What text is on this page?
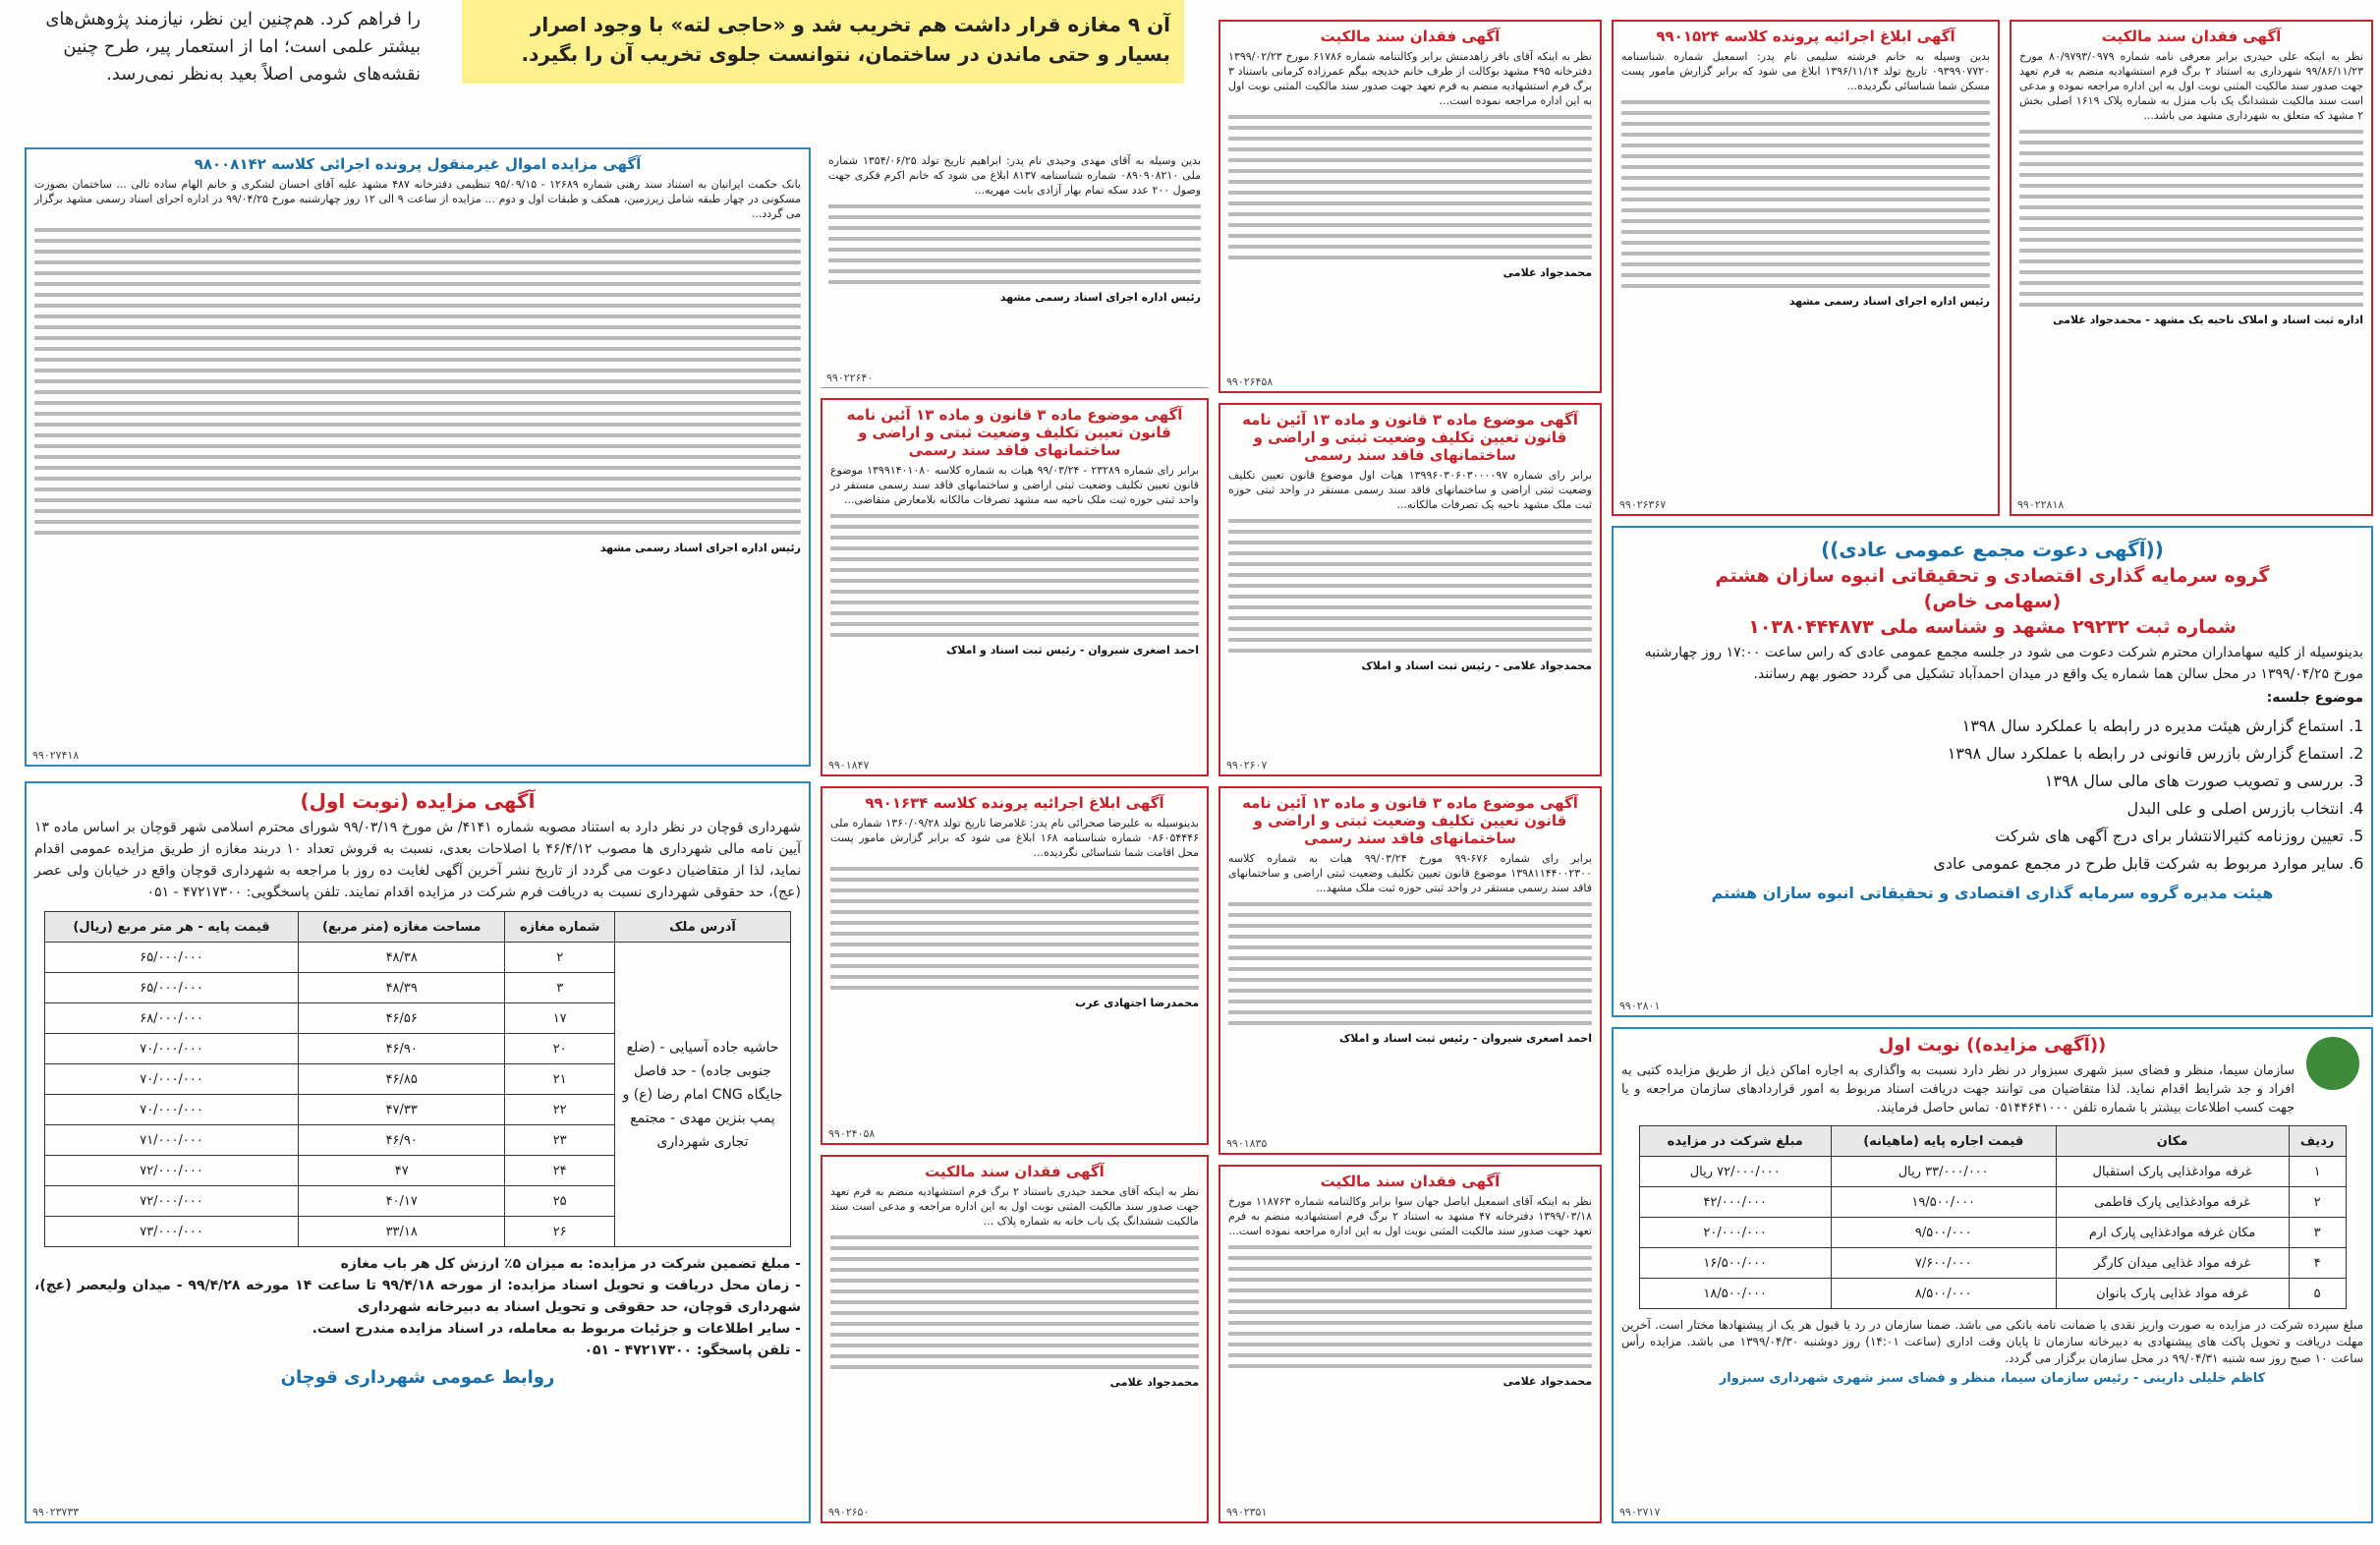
را فراهم کرد. هم‌چنین این نظر، نیازمند پژوهش‌های بیشتر علمی است؛ اما از استعمار پیر، طرح چنین نقشه‌های شومی اصلاً بعید به‌نظر نمی‌رسد.
آن ۹ مغازه قرار داشت هم تخریب شد و «حاجی لته» با وجود اصرار بسیار و حتی ماندن در ساختمان، نتوانست جلوی تخریب آن را بگیرد.
آگهی فقدان سند مالکیت
نظر به اینکه علی حیدری برابر معرفی نامه شماره ۸۰/۹۷۹۳/۰۹۷۹ مورخ ۹۹/۸۶/۱۱/۲۳ شهرداری به استناد ۲ برگ فرم استشهادیه منضم به فرم تعهد جهت صدور سند مالکیت المثنی نوبت اول به این اداره مراجعه نموده و مدعی است سند مالکیت ششدانگ یک باب منزل به شماره پلاک ۱۶۱۹ اصلی بخش ۲ مشهد که متعلق به شهرداری مشهد می باشد...
اداره ثبت اسناد و املاک ناحیه یک مشهد - محمدجواد غلامی
۹۹۰۲۲۸۱۸
آگهی ابلاغ اجرائیه پرونده کلاسه ۹۹۰۱۵۲۴
بدین وسیله به خانم فرشته سلیمی نام پدر: اسمعیل شماره شناسنامه ۰۹۳۹۹۰۷۷۲۰ تاریخ تولد ۱۳۹۶/۱۱/۱۴ ابلاغ می شود که برابر گزارش مامور پست مسکن شما شناسائی نگردیده...
رئیس اداره اجرای اسناد رسمی مشهد
۹۹۰۲۶۳۶۷
((آگهی دعوت مجمع عمومی عادی))
گروه سرمایه گذاری اقتصادی و تحقیقاتی انبوه سازان هشتم
(سهامی خاص)
شماره ثبت ۲۹۲۳۲ مشهد و شناسه ملی ۱۰۳۸۰۴۴۴۸۷۳
بدینوسیله از کلیه سهامداران محترم شرکت دعوت می شود در جلسه مجمع عمومی عادی که راس ساعت ۱۷:۰۰ روز چهارشنبه مورخ ۱۳۹۹/۰۴/۲۵ در محل سالن هما شماره یک واقع در میدان احمدآباد تشکیل می گردد حضور بهم رسانند.
موضوع جلسه:
1. استماع گزارش هیئت مدیره در رابطه با عملکرد سال ۱۳۹۸
2. استماع گزارش بازرس قانونی در رابطه با عملکرد سال ۱۳۹۸
3. بررسی و تصویب صورت های مالی سال ۱۳۹۸
4. انتخاب بازرس اصلی و علی البدل
5. تعیین روزنامه کثیرالانتشار برای درج آگهی های شرکت
6. سایر موارد مربوط به شرکت قابل طرح در مجمع عمومی عادی
هیئت مدیره گروه سرمایه گذاری اقتصادی و تحقیقاتی انبوه سازان هشتم
۹۹۰۲۸۰۱
((آگهی مزایده)) نوبت اول
سازمان سیما، منظر و فضای سبز شهری سبزوار در نظر دارد نسبت به واگذاری به اجاره اماکن ذیل از طریق مزایده کتبی به افراد و جد شرایط اقدام نماید. لذا متقاضیان می توانند جهت دریافت اسناد مربوط به امور قراردادهای سازمان مراجعه و یا جهت کسب اطلاعات بیشتر با شماره تلفن ۰۵۱۴۴۶۴۱۰۰۰ تماس حاصل فرمایند.
ردیف	مکان	قیمت اجاره پایه (ماهیانه)	مبلغ شرکت در مزایده
۱	غرفه موادغذایی پارک استقبال	۳۳/۰۰۰/۰۰۰ ریال	۷۲/۰۰۰/۰۰۰ ریال
۲	غرفه موادغذایی پارک فاطمی	۱۹/۵۰۰/۰۰۰	۴۲/۰۰۰/۰۰۰
۳	مکان غرفه موادغذایی پارک ارم	۹/۵۰۰/۰۰۰	۲۰/۰۰۰/۰۰۰
۴	غرفه مواد غذایی میدان کارگر	۷/۶۰۰/۰۰۰	۱۶/۵۰۰/۰۰۰
۵	غرفه مواد غذایی پارک بانوان	۸/۵۰۰/۰۰۰	۱۸/۵۰۰/۰۰۰
مبلغ سپرده شرکت در مزایده به صورت واریز نقدی یا ضمانت نامه بانکی می باشد. ضمنا سازمان در رد یا قبول هر یک از پیشنهادها مختار است. آخرین مهلت دریافت و تحویل پاکت های پیشنهادی به دبیرخانه سازمان تا پایان وقت اداری (ساعت ۱۴:۰۱) روز دوشنبه ۱۳۹۹/۰۴/۳۰ می باشد. مزایده رأس ساعت ۱۰ صبح روز سه شنبه ۹۹/۰۴/۳۱ در محل سازمان برگزار می گردد.
کاظم خلیلی دارینی - رئیس سازمان سیما، منظر و فضای سبز شهری شهرداری سبزوار
۹۹۰۲۷۱۷
آگهی فقدان سند مالکیت
نظر به اینکه آقای باقر زاهدمنش برابر وکالتنامه شماره ۶۱۷۸۶ مورخ ۱۳۹۹/۰۲/۲۳ دفترخانه ۴۹۵ مشهد بوکالت از طرف خانم خدیجه بیگم عمرزاده کرمانی باستناد ۳ برگ فرم استشهادیه منضم به فرم تعهد جهت صدور سند مالکیت المثنی نوبت اول به این اداره مراجعه نموده است...
محمدجواد غلامی
۹۹۰۲۶۴۵۸
آگهی موضوع ماده ۳ قانون و ماده ۱۳ آئین نامه قانون تعیین تکلیف وضعیت ثبتی و اراضی و ساختمانهای فاقد سند رسمی
برابر رای شماره ۱۳۹۹۶۰۳۰۶۰۳۰۰۰۰۹۷ هیات اول موضوع قانون تعیین تکلیف وضعیت ثبتی اراضی و ساختمانهای فاقد سند رسمی مستقر در واحد ثبتی حوزه ثبت ملک مشهد ناحیه یک تصرفات مالکانه...
محمدجواد غلامی - رئیس ثبت اسناد و املاک
۹۹۰۲۶۰۷
آگهی موضوع ماده ۳ قانون و ماده ۱۳ آئین نامه قانون تعیین تکلیف وضعیت ثبتی و اراضی و ساختمانهای فاقد سند رسمی
برابر رای شماره ۶۷۶-۹۹ مورخ ۹۹/۰۳/۲۴ هیات به شماره کلاسه ۱۳۹۸۱۱۴۴۰۰۲۳۰۰ موضوع قانون تعیین تکلیف وضعیت ثبتی اراضی و ساختمانهای فاقد سند رسمی مستقر در واحد ثبتی حوزه ثبت ملک مشهد...
احمد اصغری شیروان - رئیس ثبت اسناد و املاک
۹۹۰۱۸۳۵
آگهی فقدان سند مالکیت
نظر به اینکه آقای اسمعیل ایاصل جهان سوا برابر وکالتنامه شماره ۱۱۸۷۶۳ مورخ ۱۳۹۹/۰۳/۱۸ دفترخانه ۴۷ مشهد به استناد ۲ برگ فرم استشهادیه منضم به فرم تعهد جهت صدور سند مالکیت المثنی نوبت اول به این اداره مراجعه نموده است...
محمدجواد غلامی
۹۹۰۲۳۵۱
بدین وسیله به آقای مهدی وحیدی نام پدر: ابراهیم تاریخ تولد ۱۳۵۴/۰۶/۲۵ شماره ملی ۰۸۹۰۹۰۸۲۱۰ شماره شناسنامه ۸۱۳۷ ابلاغ می شود که خانم اکرم فکری جهت وصول ۲۰۰ عدد سکه تمام بهار آزادی بابت مهریه...
رئیس اداره اجرای اسناد رسمی مشهد
۹۹۰۲۲۶۴۰
آگهی موضوع ماده ۳ قانون و ماده ۱۳ آئین نامه قانون تعیین تکلیف وضعیت ثبتی و اراضی و ساختمانهای فاقد سند رسمی
برابر رای شماره ۲۳۲۸۹ - ۹۹/۰۳/۲۴ هیات به شماره کلاسه ۱۳۹۹۱۴۰۱۰۸۰ موضوع قانون تعیین تکلیف وضعیت ثبتی اراضی و ساختمانهای فاقد سند رسمی مستقر در واحد ثبتی حوزه ثبت ملک ناحیه سه مشهد تصرفات مالکانه بلامعارض متقاضی...
احمد اصغری شیروان - رئیس ثبت اسناد و املاک
۹۹۰۱۸۴۷
آگهی ابلاغ اجرائیه پرونده کلاسه ۹۹۰۱۶۳۴
بدینوسیله به علیرضا صحرائی نام پدر: غلامرضا تاریخ تولد ۱۳۶۰/۰۹/۲۸ شماره ملی ۰۸۶۰۵۴۴۴۶ شماره شناسنامه ۱۶۸ ابلاغ می شود که برابر گزارش مامور پست محل اقامت شما شناسائی نگردیده...
محمدرضا اجتهادی عرب
۹۹۰۲۴۰۵۸
آگهی فقدان سند مالکیت
نظر به اینکه آقای محمد حیدری باستناد ۲ برگ فرم استشهادیه منضم به فرم تعهد جهت صدور سند مالکیت المثنی نوبت اول به این اداره مراجعه و مدعی است سند مالکیت ششدانگ یک باب خانه به شماره پلاک ...
محمدجواد غلامی
۹۹۰۲۶۵۰
آگهی مزایده اموال غیرمنقول پرونده اجرائی کلاسه ۹۸۰۰۸۱۴۲
بانک حکمت ایرانیان به استناد سند رهنی شماره ۱۲۶۸۹ - ۹۵/۰۹/۱۵ تنظیمی دفترخانه ۴۸۷ مشهد علیه آقای احسان لشکری و خانم الهام ساده تالی ... ساختمان بصورت مسکونی در چهار طبقه شامل زیرزمین، همکف و طبقات اول و دوم ... مزایده از ساعت ۹ الی ۱۲ روز چهارشنبه مورخ ۹۹/۰۴/۲۵ در اداره اجرای اسناد رسمی مشهد برگزار می گردد...
رئیس اداره اجرای اسناد رسمی مشهد
۹۹۰۲۷۴۱۸
آگهی مزایده (نوبت اول)
شهرداری قوچان در نظر دارد به استناد مصوبه شماره ۴۱۴۱/ ش مورخ ۹۹/۰۳/۱۹ شورای محترم اسلامی شهر قوچان بر اساس ماده ۱۳ آیین نامه مالی شهرداری ها مصوب ۴۶/۴/۱۲ با اصلاحات بعدی، نسبت به فروش تعداد ۱۰ دربند مغازه از طریق مزایده عمومی اقدام نماید، لذا از متقاضیان دعوت می گردد از تاریخ نشر آخرین آگهی لغایت ده روز با مراجعه به شهرداری قوچان واقع در خیابان ولی عصر (عج)، حد حقوقی شهرداری نسبت به دریافت فرم شرکت در مزایده اقدام نمایند. تلفن پاسخگویی: ۴۷۲۱۷۳۰۰ - ۰۵۱
آدرس ملک	شماره مغازه	مساحت مغازه (متر مربع)	قیمت پایه - هر متر مربع (ریال)
حاشیه جاده آسیایی - (ضلع جنوبی جاده) - حد فاصل جایگاه CNG امام رضا (ع) و پمپ بنزین مهدی - مجتمع تجاری شهرداری	۲	۴۸/۳۸	۶۵/۰۰۰/۰۰۰
	۳	۴۸/۳۹	۶۵/۰۰۰/۰۰۰
	۱۷	۴۶/۵۶	۶۸/۰۰۰/۰۰۰
	۲۰	۴۶/۹۰	۷۰/۰۰۰/۰۰۰
	۲۱	۴۶/۸۵	۷۰/۰۰۰/۰۰۰
	۲۲	۴۷/۳۳	۷۰/۰۰۰/۰۰۰
	۲۳	۴۶/۹۰	۷۱/۰۰۰/۰۰۰
	۲۴	۴۷	۷۲/۰۰۰/۰۰۰
	۲۵	۴۰/۱۷	۷۲/۰۰۰/۰۰۰
	۲۶	۳۳/۱۸	۷۳/۰۰۰/۰۰۰
- مبلغ تضمین شرکت در مزایده: به میزان ۵٪ ارزش کل هر باب مغازه
- زمان محل دریافت و تحویل اسناد مزایده: از مورخه ۹۹/۴/۱۸ تا ساعت ۱۴ مورخه ۹۹/۴/۲۸ - میدان ولیعصر (عج)، شهرداری قوچان، حد حقوقی و تحویل اسناد به دبیرخانه شهرداری
- سایر اطلاعات و جزئیات مربوط به معامله، در اسناد مزایده مندرج است.
- تلفن پاسخگو: ۴۷۲۱۷۳۰۰ - ۰۵۱
روابط عمومی شهرداری قوچان
۹۹۰۲۳۷۳۳
